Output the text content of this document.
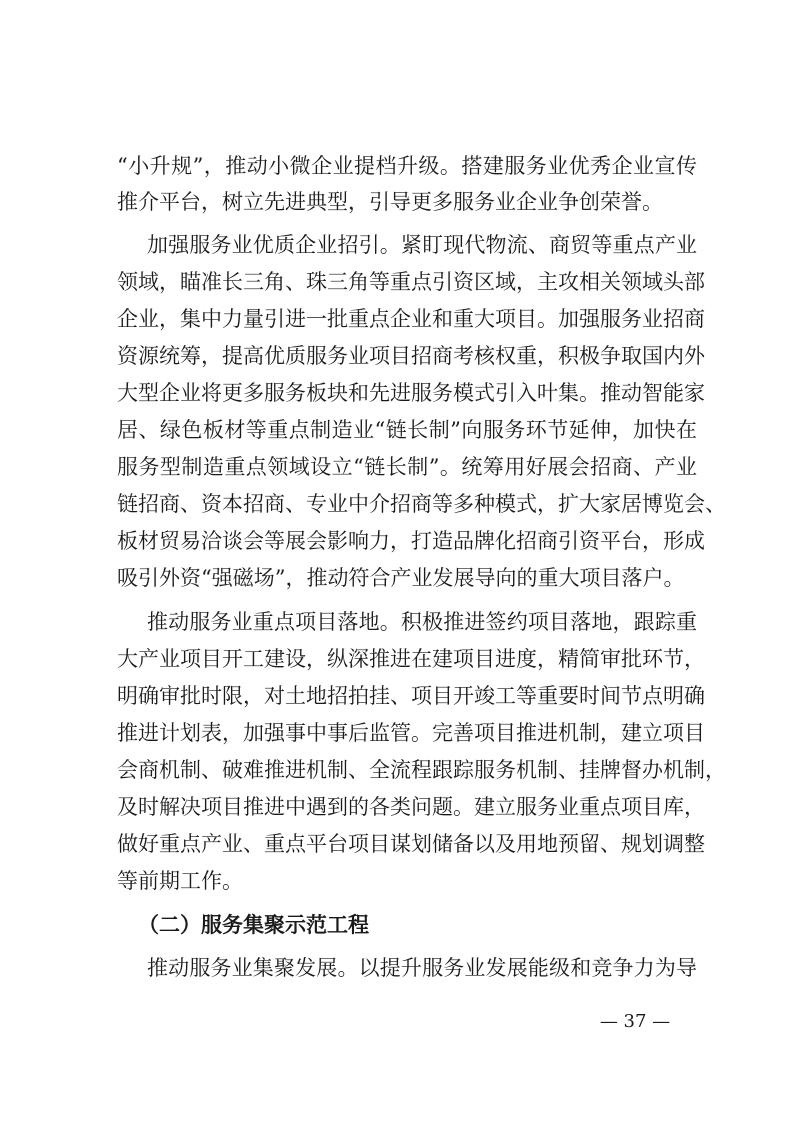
“小升规”，推动小微企业提档升级。搭建服务业优秀企业宣传
推介平台，树立先进典型，引导更多服务业企业争创荣誉。
加强服务业优质企业招引。紧盯现代物流、商贸等重点产业
领域，瞄准长三角、珠三角等重点引资区域，主攻相关领域头部
企业，集中力量引进一批重点企业和重大项目。加强服务业招商
资源统筹，提高优质服务业项目招商考核权重，积极争取国内外
大型企业将更多服务板块和先进服务模式引入叶集。推动智能家
居、绿色板材等重点制造业“链长制”向服务环节延伸，加快在
服务型制造重点领域设立“链长制”。统筹用好展会招商、产业
链招商、资本招商、专业中介招商等多种模式，扩大家居博览会、
板材贸易洽谈会等展会影响力，打造品牌化招商引资平台，形成
吸引外资“强磁场”，推动符合产业发展导向的重大项目落户。
推动服务业重点项目落地。积极推进签约项目落地，跟踪重
大产业项目开工建设，纵深推进在建项目进度，精简审批环节，
明确审批时限，对土地招拍挂、项目开竣工等重要时间节点明确
推进计划表，加强事中事后监管。完善项目推进机制，建立项目
会商机制、破难推进机制、全流程跟踪服务机制、挂牌督办机制，
及时解决项目推进中遇到的各类问题。建立服务业重点项目库，
做好重点产业、重点平台项目谋划储备以及用地预留、规划调整
等前期工作。
（二）服务集聚示范工程
推动服务业集聚发展。以提升服务业发展能级和竞争力为导
— 37 —
